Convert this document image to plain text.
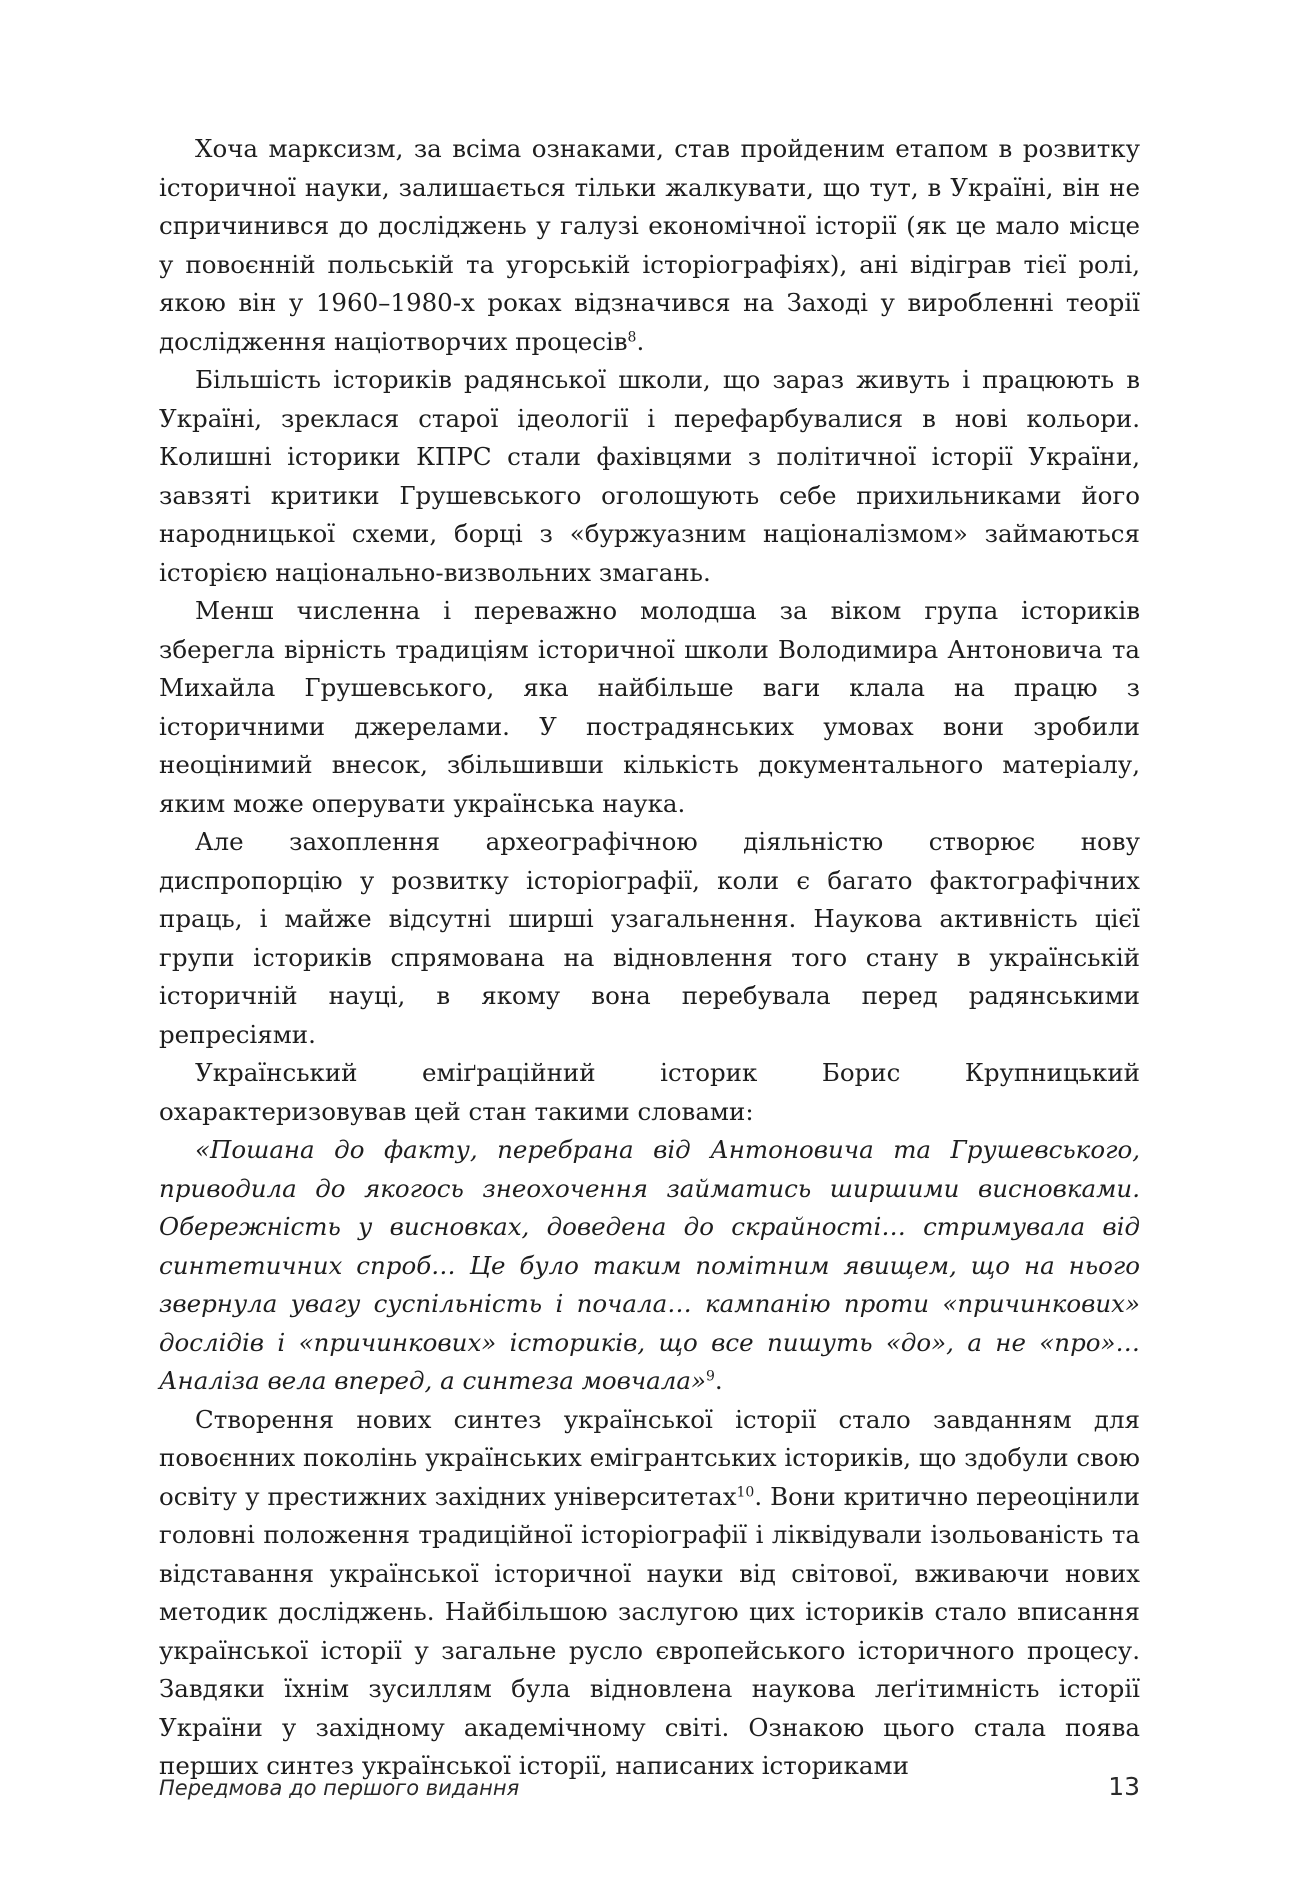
Хоча марксизм, за всіма ознаками, став пройденим етапом в розвитку історичної науки, залишається тільки жалкувати, що тут, в Україні, він не спричинився до досліджень у галузі економічної історії (як це мало місце у повоєнній польській та угорській історіографіях), ані відіграв тієї ролі, якою він у 1960–1980-х роках відзначився на Заході у виробленні теорії дослідження націотворчих процесів$^8$.

Більшість істориків радянської школи, що зараз живуть і працюють в Україні, зреклася старої ідеології і перефарбувалися в нові кольори. Колишні історики КПРС стали фахівцями з політичної історії України, завзяті критики Грушевського оголошують себе прихильниками його народницької схеми, борці з «буржуазним націоналізмом» займаються історією національно-визвольних змагань.

Менш численна і переважно молодша за віком група істориків зберегла вірність традиціям історичної школи Володимира Антоновича та Михайла Грушевського, яка найбільше ваги клала на працю з історичними джерелами. У пострадянських умовах вони зробили неоцінимий внесок, збільшивши кількість документального матеріалу, яким може оперувати українська наука.

Але захоплення археографічною діяльністю створює нову диспропорцію у розвитку історіографії, коли є багато фактографічних праць, і майже відсутні ширші узагальнення. Наукова активність цієї групи істориків спрямована на відновлення того стану в українській історичній науці, в якому вона перебувала перед радянськими репресіями.

Український еміґраційний історик Борис Крупницький охарактеризовував цей стан такими словами:

«Пошана до факту, перебрана від Антоновича та Грушевського, приводила до якогось знеохочення займатись ширшими висновками. Обережність у висновках, доведена до скрайності… стримувала від синтетичних спроб… Це було таким помітним явищем, що на нього звернула увагу суспільність і почала… кампанію проти «причинкових» дослідів і «причинкових» істориків, що все пишуть «до», а не «про»… Аналіза вела вперед, а синтеза мовчала»$^9$.

Створення нових синтез української історії стало завданням для повоєнних поколінь українських емігрантських істориків, що здобули свою освіту у престижних західних університетах$^{10}$. Вони критично переоцінили головні положення традиційної історіографії і ліквідували ізольованість та відставання української історичної науки від світової, вживаючи нових методик досліджень. Найбільшою заслугою цих істориків стало вписання української історії у загальне русло європейського історичного процесу. Завдяки їхнім зусиллям була відновлена наукова леґітимність історії України у західному академічному світі. Ознакою цього стала поява перших синтез української історії, написаних істориками

Передмова до першого видання	13
